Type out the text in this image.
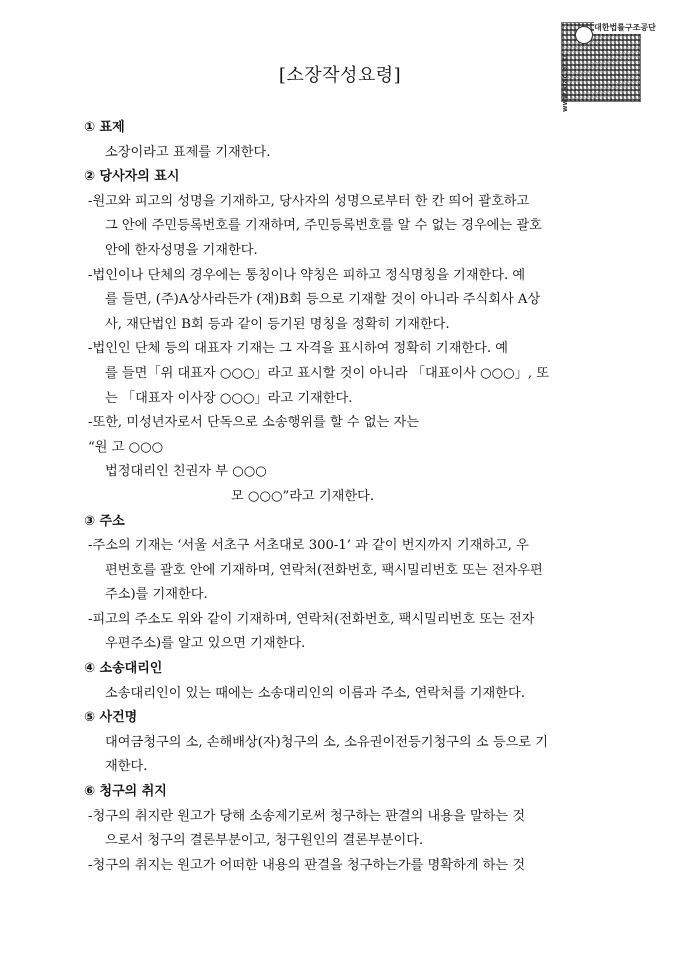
대한법률구조공단
www.klac.or.kr
[소장작성요령]
① 표제
소장이라고 표제를 기재한다.
② 당사자의 표시
-원고와 피고의 성명을 기재하고, 당사자의 성명으로부터 한 칸 띄어 괄호하고
그 안에 주민등록번호를 기재하며, 주민등록번호를 알 수 없는 경우에는 괄호
안에 한자성명을 기재한다.
-법인이나 단체의 경우에는 통칭이나 약칭은 피하고 정식명칭을 기재한다. 예
를 들면, (주)A상사라든가 (재)B회 등으로 기재할 것이 아니라 주식회사 A상
사, 재단법인 B회 등과 같이 등기된 명칭을 정확히 기재한다.
-법인인 단체 등의 대표자 기재는 그 자격을 표시하여 정확히 기재한다. 예
를 들면「위 대표자 ○○○」라고 표시할 것이 아니라 「대표이사 ○○○」, 또
는 「대표자 이사장 ○○○」라고 기재한다.
-또한, 미성년자로서 단독으로 소송행위를 할 수 없는 자는
“원 고 ○○○
법정대리인 친권자 부 ○○○
모 ○○○”라고 기재한다.
③ 주소
-주소의 기재는 ‘서울 서초구 서초대로 300-1’ 과 같이 번지까지 기재하고, 우
편번호를 괄호 안에 기재하며, 연락처(전화번호, 팩시밀리번호 또는 전자우편
주소)를 기재한다.
-피고의 주소도 위와 같이 기재하며, 연락처(전화번호, 팩시밀리번호 또는 전자
우편주소)를 알고 있으면 기재한다.
④ 소송대리인
소송대리인이 있는 때에는 소송대리인의 이름과 주소, 연락처를 기재한다.
⑤ 사건명
대여금청구의 소, 손해배상(자)청구의 소, 소유권이전등기청구의 소 등으로 기
재한다.
⑥ 청구의 취지
-청구의 취지란 원고가 당해 소송제기로써 청구하는 판결의 내용을 말하는 것
으로서 청구의 결론부분이고, 청구원인의 결론부분이다.
-청구의 취지는 원고가 어떠한 내용의 판결을 청구하는가를 명확하게 하는 것
